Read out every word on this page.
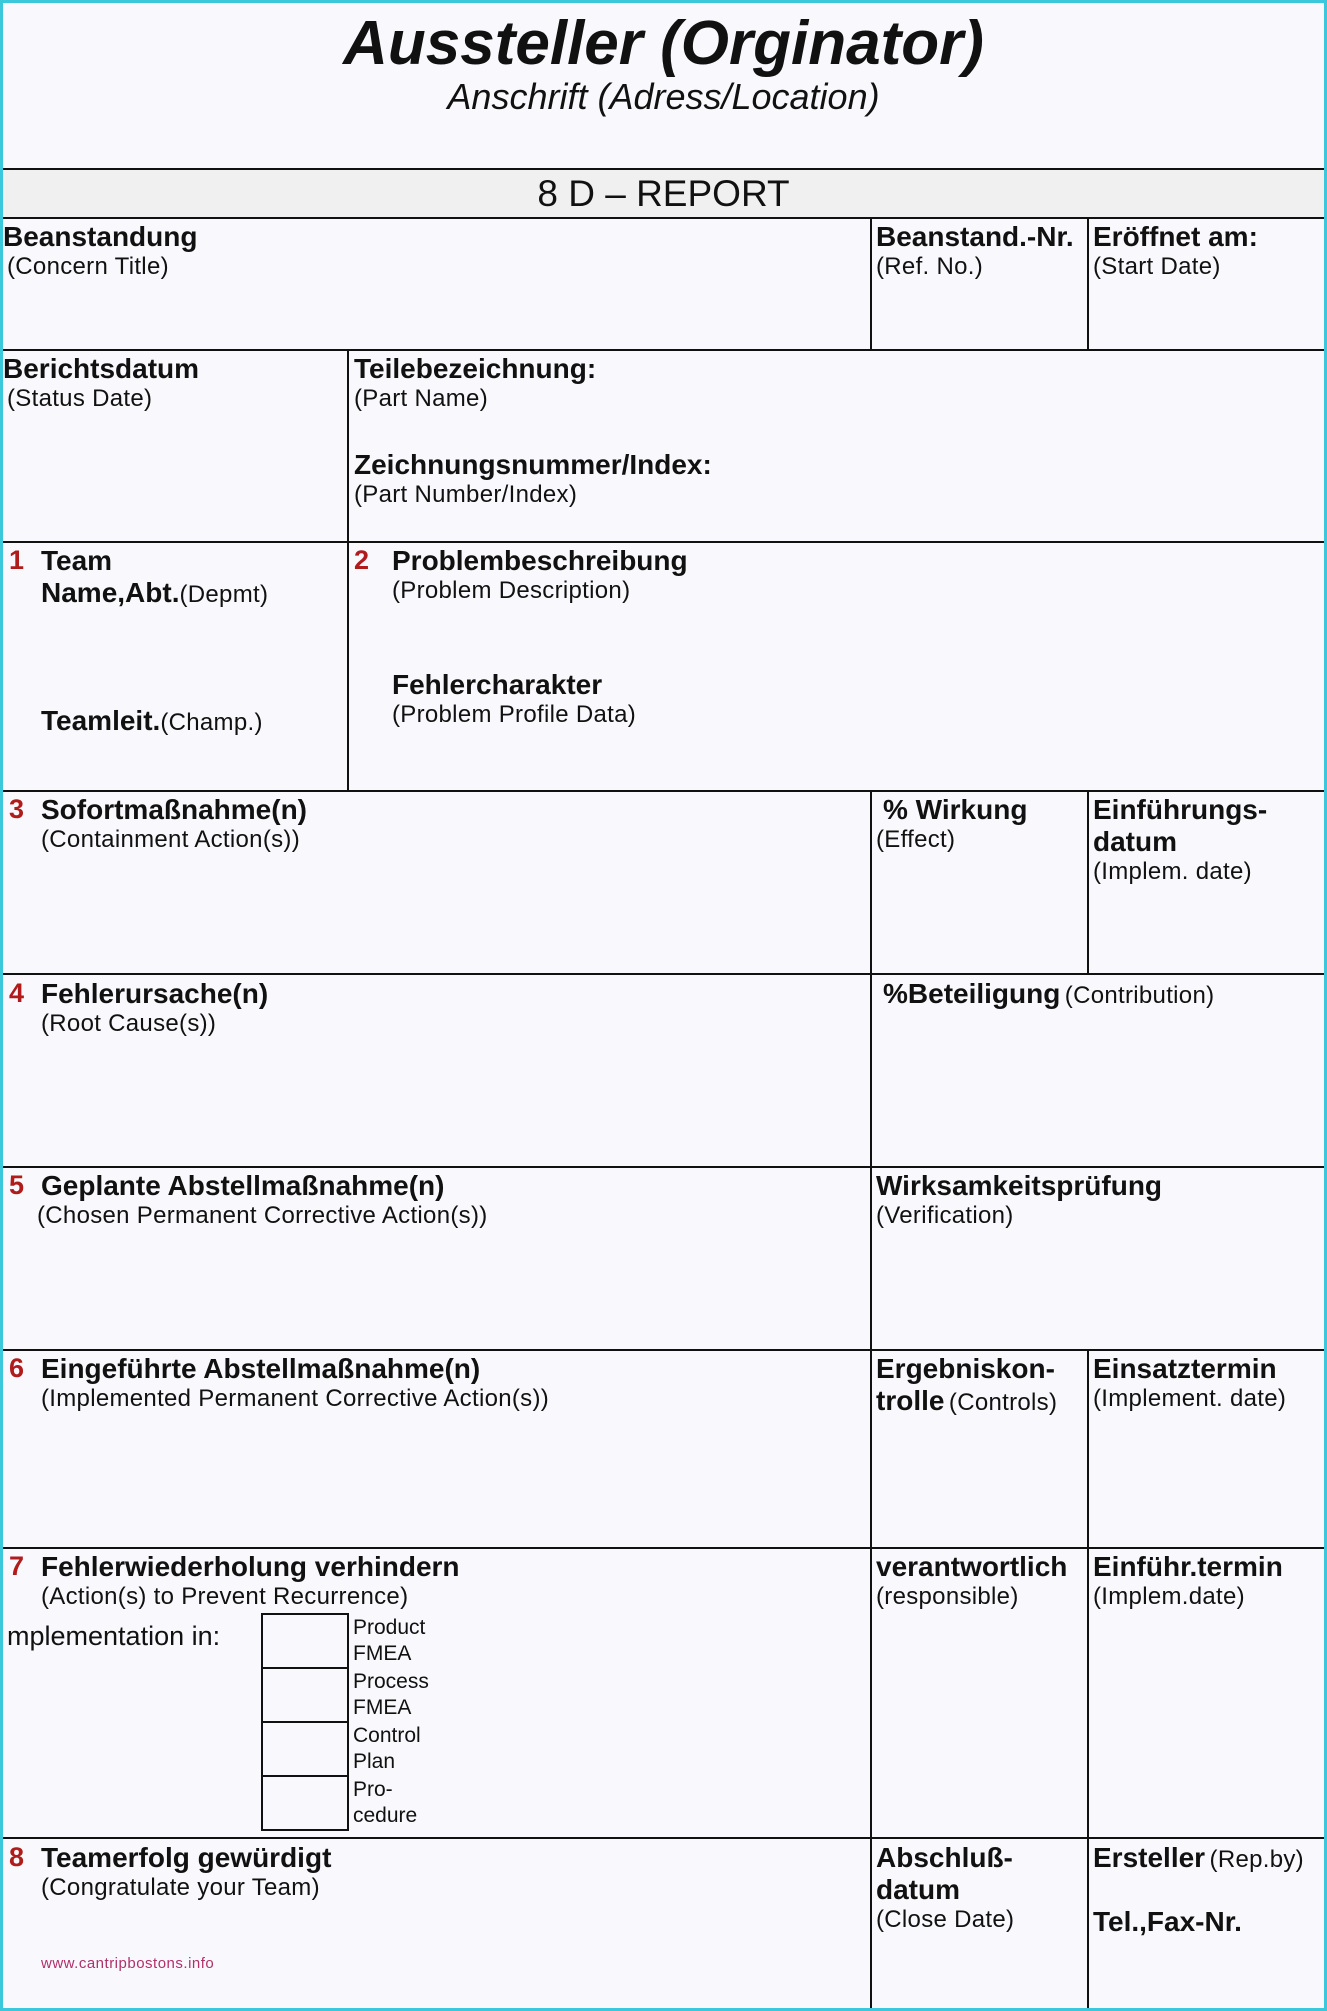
Aussteller (Orginator)
Anschrift (Adress/Location)
8 D – REPORT
Beanstandung
(Concern Title)
Beanstand.-Nr.
(Ref. No.)
Eröffnet am:
(Start Date)
Berichtsdatum
(Status Date)
Teilebezeichnung:
(Part Name)
Zeichnungsnummer/Index:
(Part Number/Index)
1 Team
Name,Abt.(Depmt)
Teamleit.(Champ.)
2 Problembeschreibung
(Problem Description)
Fehlercharakter
(Problem Profile Data)
3 Sofortmaßnahme(n)
(Containment Action(s))
% Wirkung
(Effect)
Einführungs-
datum
(Implem. date)
4 Fehlerursache(n)
(Root Cause(s))
%Beteiligung (Contribution)
5 Geplante Abstellmaßnahme(n)
(Chosen Permanent Corrective Action(s))
Wirksamkeitsprüfung
(Verification)
6 Eingeführte Abstellmaßnahme(n)
(Implemented Permanent Corrective Action(s))
Ergebniskon-
trolle (Controls)
Einsatztermin
(Implement. date)
7 Fehlerwiederholung verhindern
(Action(s) to Prevent Recurrence)
mplementation in:	Product
FMEA
Process
FMEA
Control
Plan
Pro-
cedure
verantwortlich
(responsible)
Einführ.termin
(Implem.date)
8 Teamerfolg gewürdigt
(Congratulate your Team)
Abschluß-
datum
(Close Date)
Ersteller (Rep.by)
Tel.,Fax-Nr.
www.cantripbostons.info
